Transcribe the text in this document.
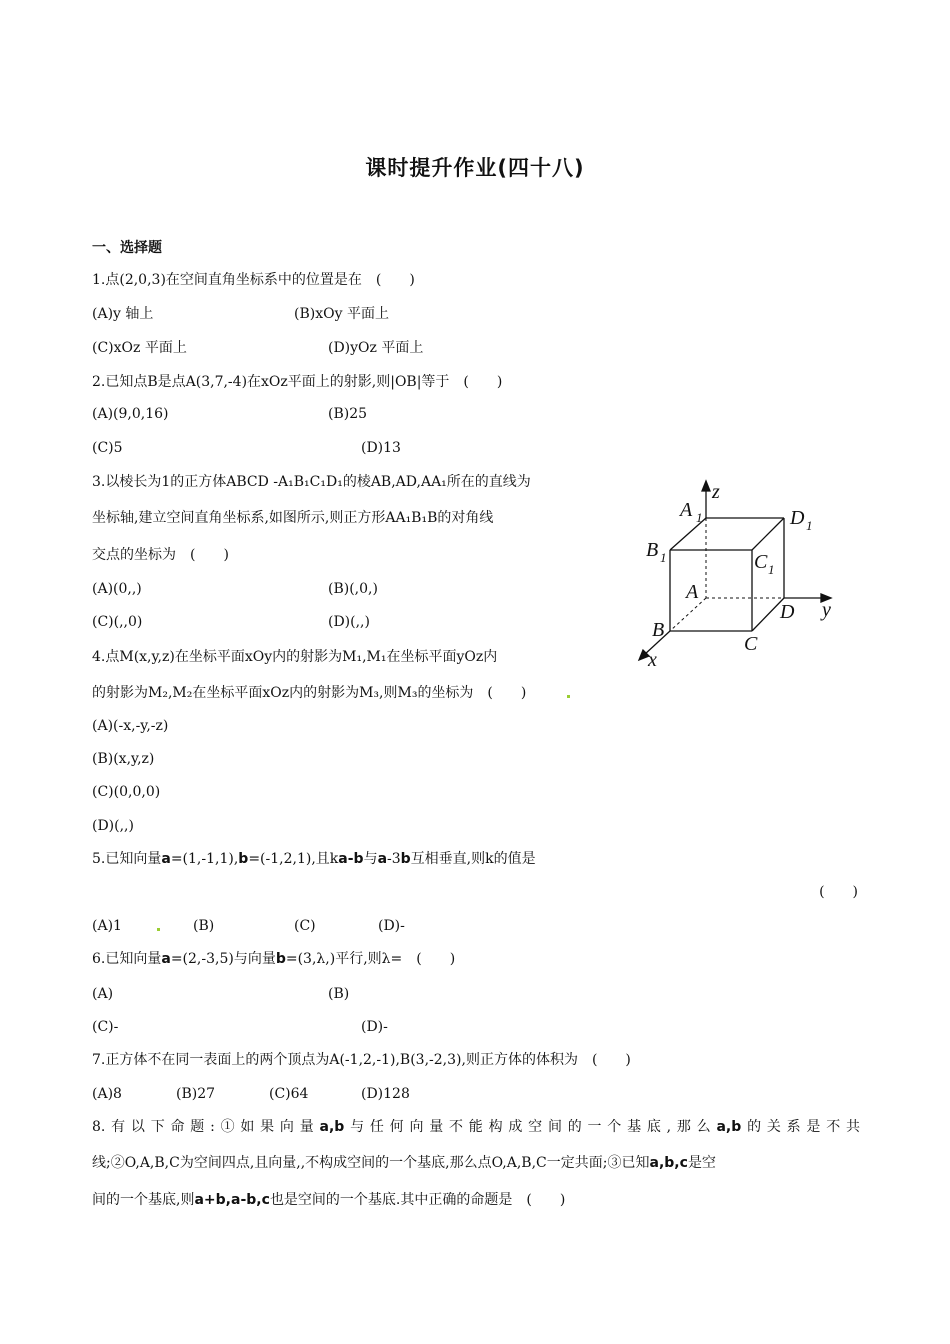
课时提升作业(四十八)
一、选择题
1.点(2,0,3)在空间直角坐标系中的位置是在　(　　)
(A)y 轴上	(B)xOy 平面上
(C)xOz 平面上	(D)yOz 平面上
2.已知点B是点A(3,7,-4)在xOz平面上的射影,则|OB|等于　(　　)
(A)(9,0,16)	(B)25
(C)5	(D)13
3.以棱长为1的正方体ABCD -A₁B₁C₁D₁的棱AB,AD,AA₁所在的直线为
坐标轴,建立空间直角坐标系,如图所示,则正方形AA₁B₁B的对角线
交点的坐标为　(　　)
(A)(0,,)	(B)(,0,)
(C)(,,0)	(D)(,,)
z
y
x
A 1	D 1
B 1	C 1
A
D
B
C
4.点M(x,y,z)在坐标平面xOy内的射影为M₁,M₁在坐标平面yOz内
的射影为M₂,M₂在坐标平面xOz内的射影为M₃,则M₃的坐标为　(　　)
(A)(-x,-y,-z)
(B)(x,y,z)
(C)(0,0,0)
(D)(,,)
5.已知向量a=(1,-1,1),b=(-1,2,1),且ka-b与a-3b互相垂直,则k的值是
(　　)
(A)1	(B)	(C)	(D)-
6.已知向量a=(2,-3,5)与向量b=(3,λ,)平行,则λ=　(　　)
(A)	(B)
(C)-	(D)-
7.正方体不在同一表面上的两个顶点为A(-1,2,-1),B(3,-2,3),则正方体的体积为　(　　)
(A)8	(B)27	(C)64	(D)128
8.有以下命题:①如果向量a,b与任何向量不能构成空间的一个基底,那么a,b的关系是不共
线;②O,A,B,C为空间四点,且向量,,不构成空间的一个基底,那么点O,A,B,C一定共面;③已知a,b,c是空
间的一个基底,则a+b,a-b,c也是空间的一个基底.其中正确的命题是　(　　)
